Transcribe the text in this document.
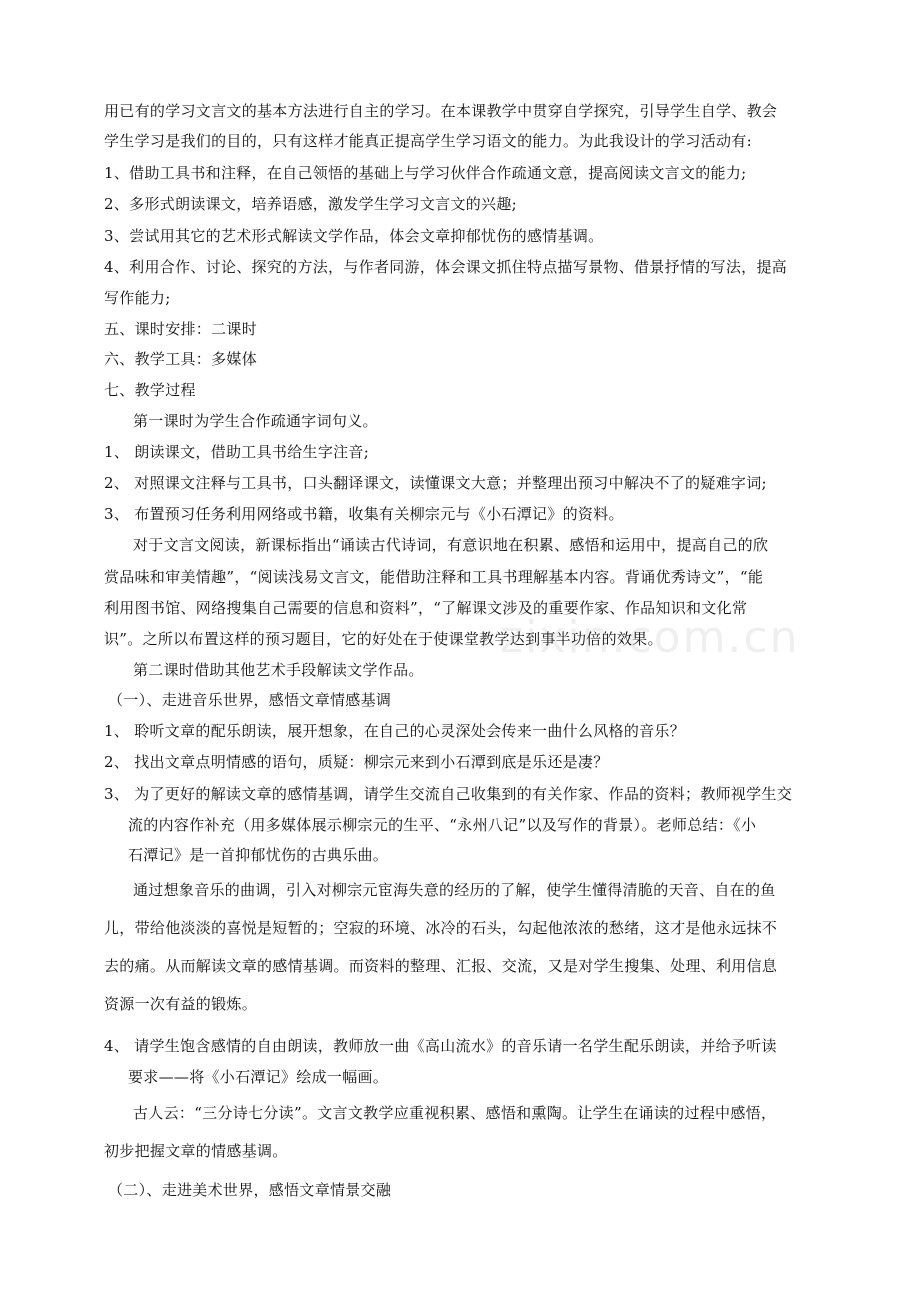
用已有的学习文言文的基本方法进行自主的学习。在本课教学中贯穿自学探究，引导学生自学、教会
学生学习是我们的目的，只有这样才能真正提高学生学习语文的能力。为此我设计的学习活动有:
1、借助工具书和注释，在自己领悟的基础上与学习伙伴合作疏通文意，提高阅读文言文的能力;
2、多形式朗读课文，培养语感，激发学生学习文言文的兴趣;
3、尝试用其它的艺术形式解读文学作品，体会文章抑郁忧伤的感情基调。
4、利用合作、讨论、探究的方法，与作者同游，体会课文抓住特点描写景物、借景抒情的写法，提高
写作能力;
五、课时安排：二课时
六、教学工具：多媒体
七、教学过程
第一课时为学生合作疏通字词句义。
1、 朗读课文，借助工具书给生字注音;
2、 对照课文注释与工具书，口头翻译课文，读懂课文大意；并整理出预习中解决不了的疑难字词;
3、 布置预习任务利用网络或书籍，收集有关柳宗元与《小石潭记》的资料。
对于文言文阅读，新课标指出“诵读古代诗词，有意识地在积累、感悟和运用中，提高自己的欣
赏品味和审美情趣”，“阅读浅易文言文，能借助注释和工具书理解基本内容。背诵优秀诗文”，“能
利用图书馆、网络搜集自己需要的信息和资料”，“了解课文涉及的重要作家、作品知识和文化常
识”。之所以布置这样的预习题目，它的好处在于使课堂教学达到事半功倍的效果。
第二课时借助其他艺术手段解读文学作品。
（一）、走进音乐世界，感悟文章情感基调
1、 聆听文章的配乐朗读，展开想象，在自己的心灵深处会传来一曲什么风格的音乐？
2、 找出文章点明情感的语句，质疑：柳宗元来到小石潭到底是乐还是凄？
3、 为了更好的解读文章的感情基调，请学生交流自己收集到的有关作家、作品的资料；教师视学生交
流的内容作补充（用多媒体展示柳宗元的生平、“永州八记”以及写作的背景）。老师总结：《小
石潭记》是一首抑郁忧伤的古典乐曲。
通过想象音乐的曲调，引入对柳宗元宦海失意的经历的了解，使学生懂得清脆的天音、自在的鱼
儿，带给他淡淡的喜悦是短暂的；空寂的环境、冰冷的石头，勾起他浓浓的愁绪，这才是他永远抹不
去的痛。从而解读文章的感情基调。而资料的整理、汇报、交流，又是对学生搜集、处理、利用信息
资源一次有益的锻炼。
4、 请学生饱含感情的自由朗读，教师放一曲《高山流水》的音乐请一名学生配乐朗读，并给予听读
要求——将《小石潭记》绘成一幅画。
古人云：“三分诗七分读”。文言文教学应重视积累、感悟和熏陶。让学生在诵读的过程中感悟，
初步把握文章的情感基调。
（二）、走进美术世界，感悟文章情景交融
zixin.com.cn
